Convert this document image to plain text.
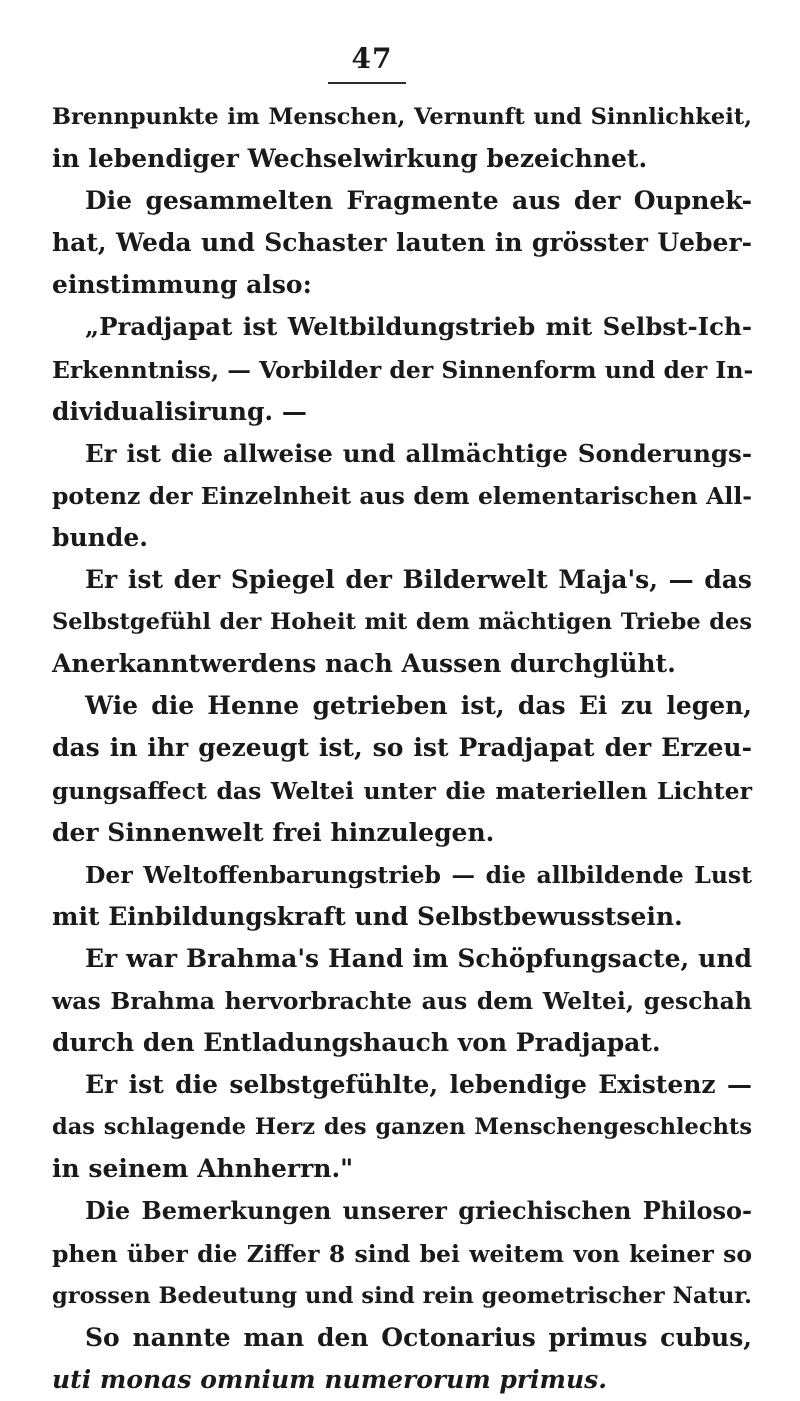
47
Brennpunkte im Menschen, Vernunft und Sinnlichkeit,
in lebendiger Wechselwirkung bezeichnet.
Die gesammelten Fragmente aus der Oupnek-
hat, Weda und Schaster lauten in grösster Ueber-
einstimmung also:
„Pradjapat ist Weltbildungstrieb mit Selbst-Ich-
Erkenntniss, — Vorbilder der Sinnenform und der In-
dividualisirung. —
Er ist die allweise und allmächtige Sonderungs-
potenz der Einzelnheit aus dem elementarischen All-
bunde.
Er ist der Spiegel der Bilderwelt Maja's, — das
Selbstgefühl der Hoheit mit dem mächtigen Triebe des
Anerkanntwerdens nach Aussen durchglüht.
Wie die Henne getrieben ist, das Ei zu legen,
das in ihr gezeugt ist, so ist Pradjapat der Erzeu-
gungsaffect das Weltei unter die materiellen Lichter
der Sinnenwelt frei hinzulegen.
Der Weltoffenbarungstrieb — die allbildende Lust
mit Einbildungskraft und Selbstbewusstsein.
Er war Brahma's Hand im Schöpfungsacte, und
was Brahma hervorbrachte aus dem Weltei, geschah
durch den Entladungshauch von Pradjapat.
Er ist die selbstgefühlte, lebendige Existenz —
das schlagende Herz des ganzen Menschengeschlechts
in seinem Ahnherrn."
Die Bemerkungen unserer griechischen Philoso-
phen über die Ziffer 8 sind bei weitem von keiner so
grossen Bedeutung und sind rein geometrischer Natur.
So nannte man den Octonarius primus cubus,
uti monas omnium numerorum primus.
